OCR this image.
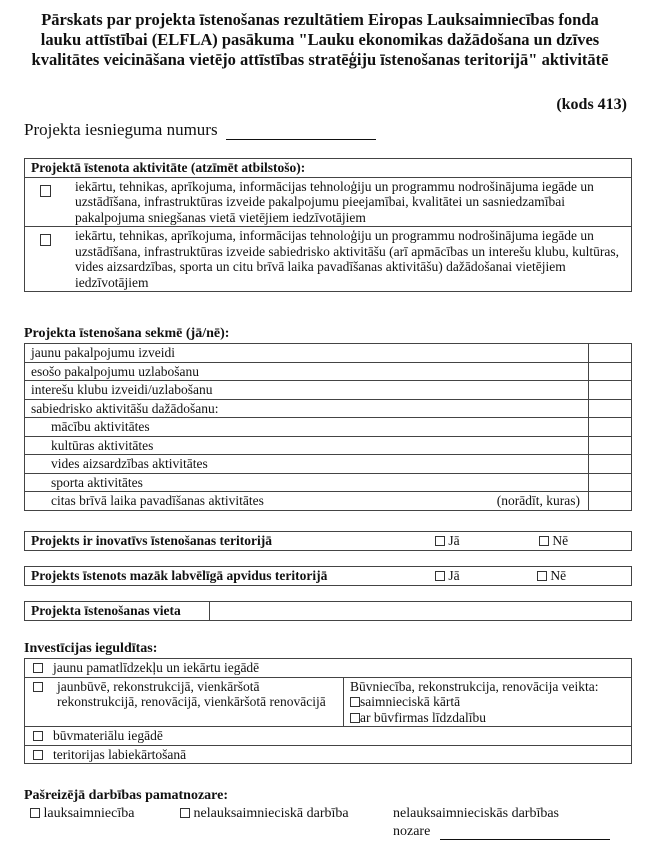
Pārskats par projekta īstenošanas rezultātiem Eiropas Lauksaimniecības fonda lauku attīstībai (ELFLA) pasākuma "Lauku ekonomikas dažādošana un dzīves kvalitātes veicināšana vietējo attīstības stratēģiju īstenošanas teritorijā" aktivitātē

(kods 413)
Projekta iesnieguma numurs
Projektā īstenota aktivitāte (atzīmēt atbilstošo):	
	iekārtu, tehnikas, aprīkojuma, informācijas tehnoloģiju un programmu nodrošinājuma iegāde un uzstādīšana, infrastruktūras izveide pakalpojumu pieejamībai, kvalitātei un sasniedzamībai pakalpojuma sniegšanas vietā vietējiem iedzīvotājiem
	iekārtu, tehnikas, aprīkojuma, informācijas tehnoloģiju un programmu nodrošinājuma iegāde un uzstādīšana, infrastruktūras izveide sabiedrisko aktivitāšu (arī apmācības un interešu klubu, kultūras, vides aizsardzības, sporta un citu brīvā laika pavadīšanas aktivitāšu) dažādošanai vietējiem iedzīvotājiem
Projekta īstenošana sekmē (jā/nē):
jaunu pakalpojumu izveidi	
esošo pakalpojumu uzlabošanu	
interešu klubu izveidi/uzlabošanu	
sabiedrisko aktivitāšu dažādošanu:	
mācību aktivitātes	
kultūras aktivitātes	
vides aizsardzības aktivitātes	
sporta aktivitātes	
citas brīvā laika pavadīšanas aktivitātes (norādīt, kuras)	

Projekts ir inovatīvs īstenošanas teritorijā	Jā	Nē
Projekts īstenots mazāk labvēlīgā apvidus teritorijā	Jā	Nē
Projekta īstenošanas vieta	
Investīcijas ieguldītas:
jaunu pamatlīdzekļu un iekārtu iegādē

jaunbūvē, rekonstrukcijā, vienkāršotā rekonstrukcijā, renovācijā, vienkāršotā renovācijā	
Būvniecība, rekonstrukcija, renovācija veikta:
saimnieciskā kārtā
ar būvfirmas līdzdalību

būvmateriālu iegādē
teritorijas labiekārtošanā
Pašreizējā darbības pamatnozare:
lauksaimniecība	nelauksaimnieciskā darbība	nelauksaimnieciskās darbības
nozare
